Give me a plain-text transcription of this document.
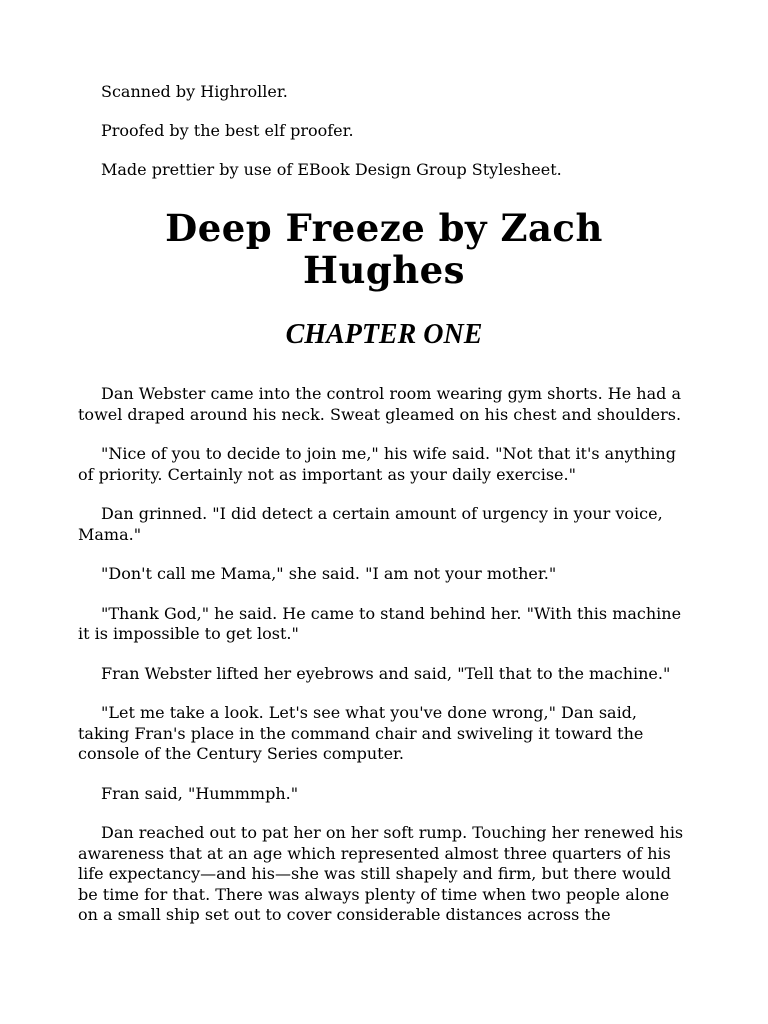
Scanned by Highroller.

Proofed by the best elf proofer.

Made prettier by use of EBook Design Group Stylesheet.

Deep Freeze by Zach Hughes
CHAPTER ONE

Dan Webster came into the control room wearing gym shorts. He had a towel draped around his neck. Sweat gleamed on his chest and shoulders.

"Nice of you to decide to join me," his wife said. "Not that it's anything of priority. Certainly not as important as your daily exercise."

Dan grinned. "I did detect a certain amount of urgency in your voice, Mama."

"Don't call me Mama," she said. "I am not your mother."

"Thank God," he said. He came to stand behind her. "With this machine it is impossible to get lost."

Fran Webster lifted her eyebrows and said, "Tell that to the machine."

"Let me take a look. Let's see what you've done wrong," Dan said, taking Fran's place in the command chair and swiveling it toward the console of the Century Series computer.

Fran said, "Hummmph."

Dan reached out to pat her on her soft rump. Touching her renewed his awareness that at an age which represented almost three quarters of his life expectancy—and his—she was still shapely and firm, but there would be time for that. There was always plenty of time when two people alone on a small ship set out to cover considerable distances across the
